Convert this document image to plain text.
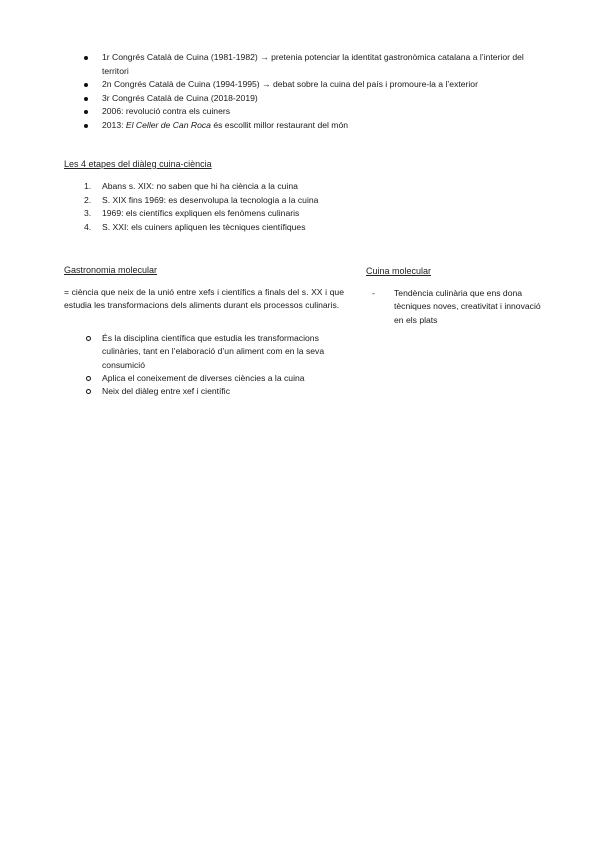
1r Congrés Català de Cuina (1981-1982) → pretenia potenciar la identitat gastronòmica catalana a l’interior del territori
2n Congrés Català de Cuina (1994-1995) → debat sobre la cuina del país i promoure-la a l’exterior
3r Congrés Català de Cuina (2018-2019)
2006: revolució contra els cuiners
2013: El Celler de Can Roca és escollit millor restaurant del món
Les 4 etapes del diàleg cuina-ciència
1. Abans s. XIX: no saben que hi ha ciència a la cuina
2. S. XIX fins 1969: es desenvolupa la tecnologia a la cuina
3. 1969: els científics expliquen els fenòmens culinaris
4. S. XXI: els cuiners apliquen les tècniques científiques
Gastronomia molecular
= ciència que neix de la unió entre xefs i científics a finals del s. XX i que estudia les transformacions dels aliments durant els processos culinaris.
És la disciplina científica que estudia les transformacions culinàries, tant en l’elaboració d’un aliment com en la seva consumició
Aplica el coneixement de diverses ciències a la cuina
Neix del diàleg entre xef i científic
Cuina molecular
- Tendència culinària que ens dona tècniques noves, creativitat i innovació en els plats
